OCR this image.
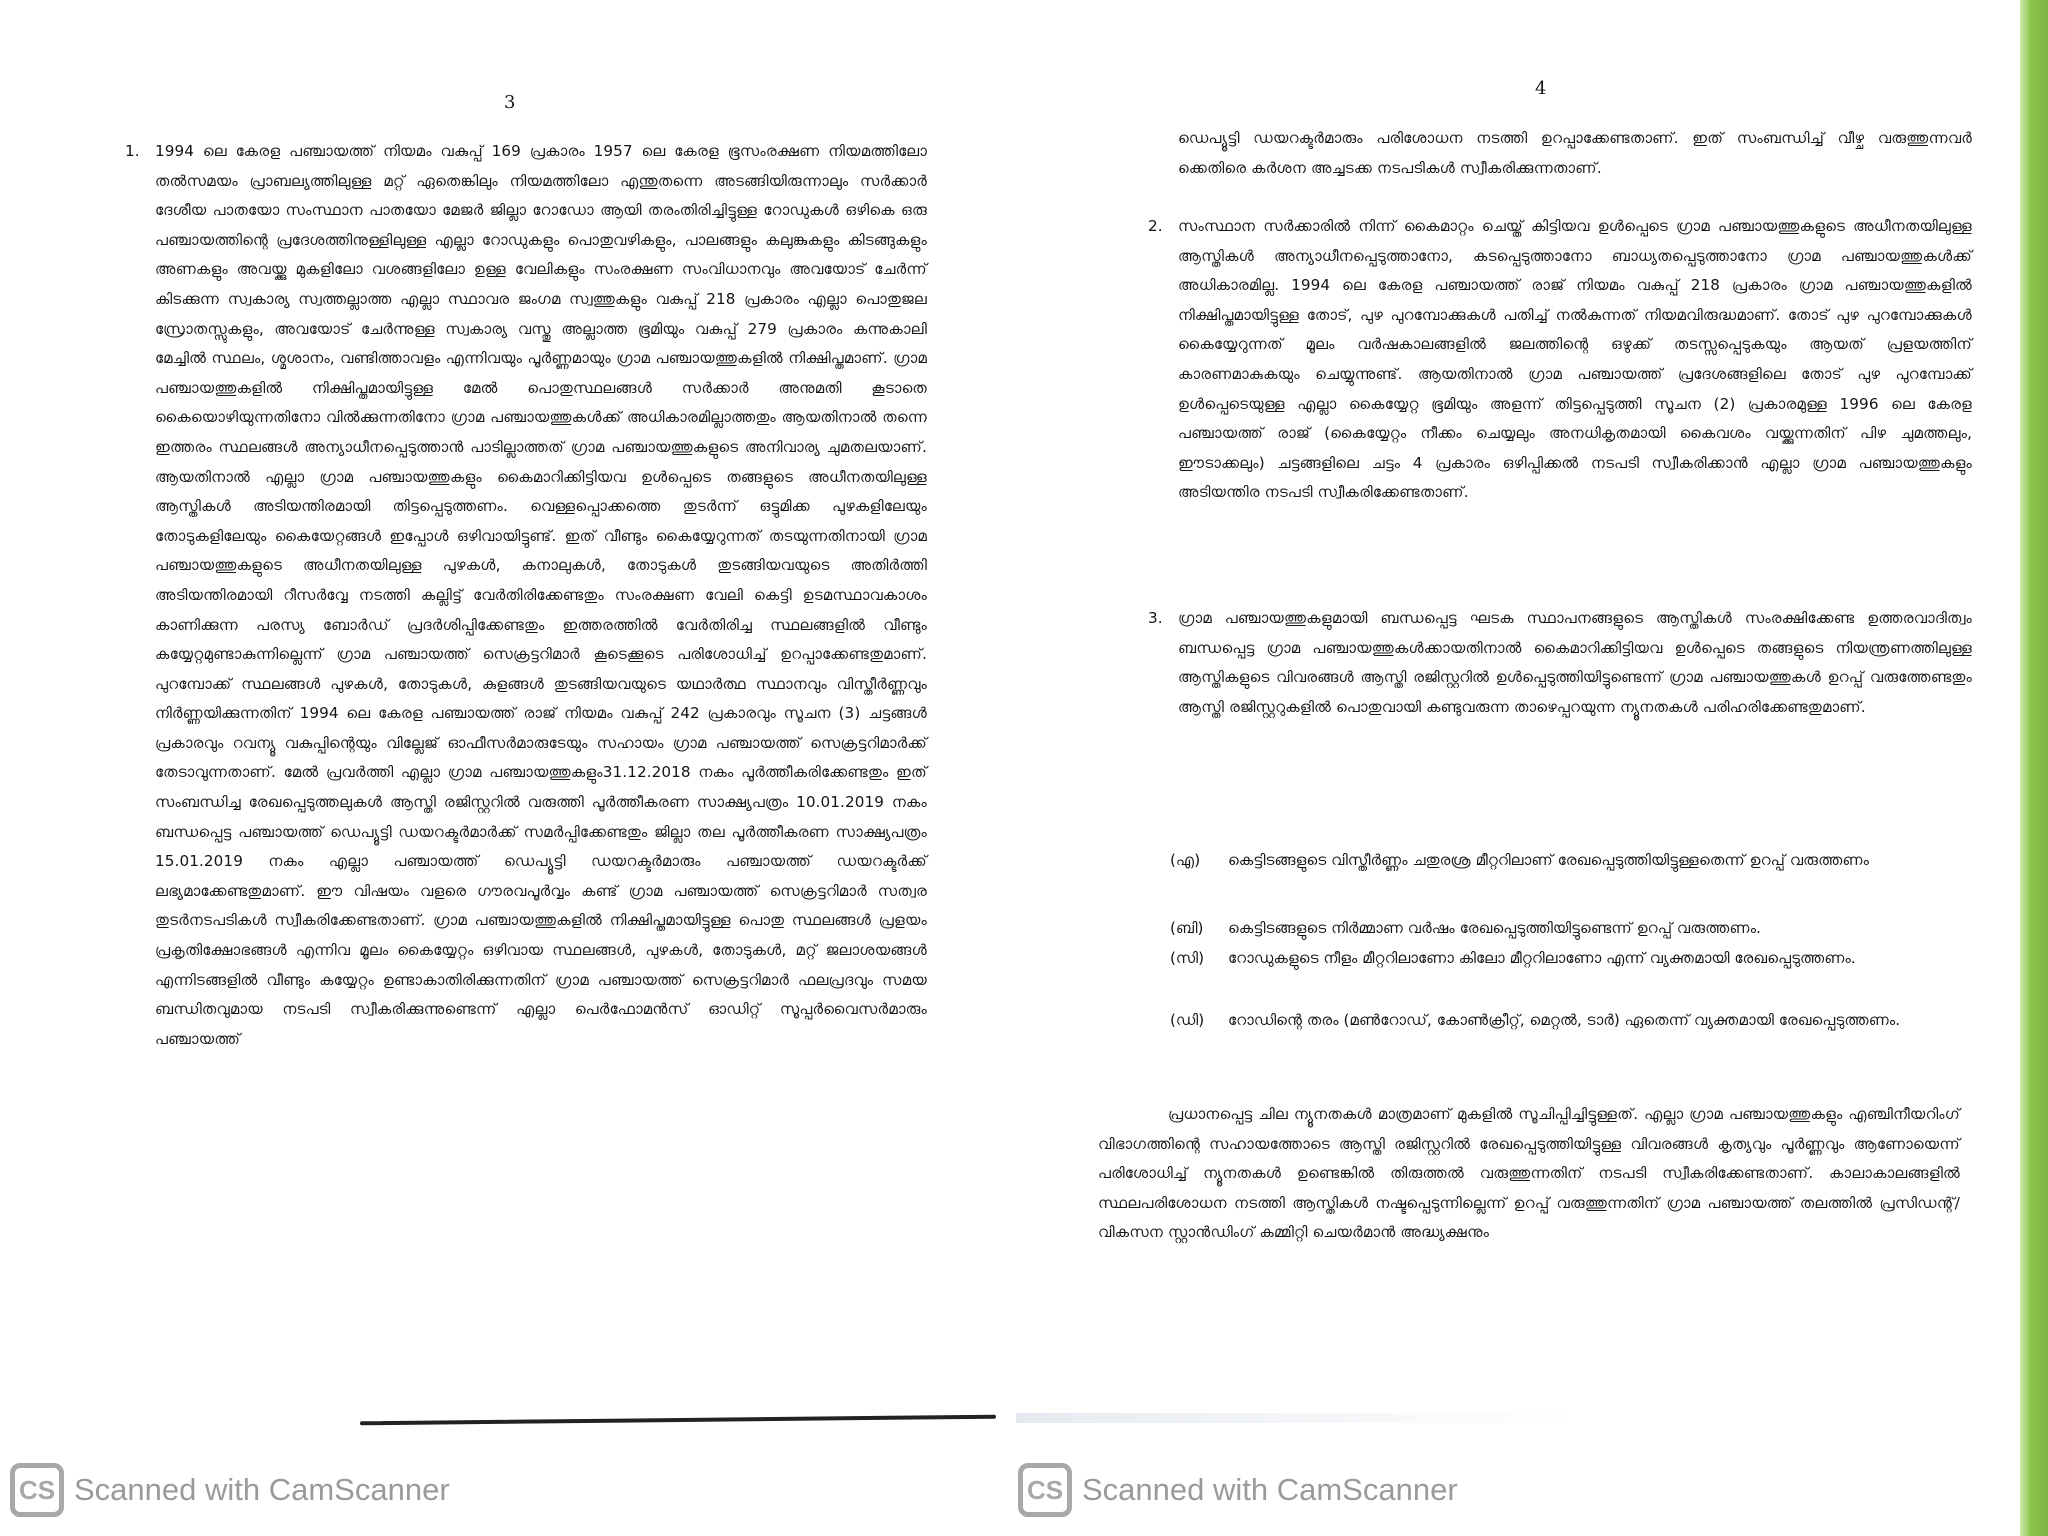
3
1. 1994 ലെ കേരള പഞ്ചായത്ത് നിയമം വകുപ്പ് 169 പ്രകാരം 1957 ലെ കേരള ഭൂസംരക്ഷണ നിയമത്തിലോ തൽസമയം പ്രാബല്യത്തിലുള്ള മറ്റ് ഏതെങ്കിലും നിയമത്തിലോ എന്തുതന്നെ അടങ്ങിയിരുന്നാലും സർക്കാർ ദേശീയ പാതയോ സംസ്ഥാന പാതയോ മേജർ ജില്ലാ റോഡോ ആയി തരംതിരിച്ചിട്ടുള്ള റോഡുകൾ ഒഴികെ ഒരു പഞ്ചായത്തിന്റെ പ്രദേശത്തിനുള്ളിലുള്ള എല്ലാ റോഡുകളും പൊതുവഴികളും, പാലങ്ങളും കലുങ്കുകളും കിടങ്ങുകളും അണകളും അവയ്ക്കു മുകളിലോ വശങ്ങളിലോ ഉള്ള വേലികളും സംരക്ഷണ സംവിധാനവും അവയോട് ചേർന്ന് കിടക്കുന്ന സ്വകാര്യ സ്വത്തല്ലാത്ത എല്ലാ സ്ഥാവര ജംഗമ സ്വത്തുകളും വകുപ്പ് 218 പ്രകാരം എല്ലാ പൊതുജല സ്രോതസ്സുകളും, അവയോട് ചേർന്നുള്ള സ്വകാര്യ വസ്തു അല്ലാത്ത ഭൂമിയും വകുപ്പ് 279 പ്രകാരം കന്നുകാലി മേച്ചിൽ സ്ഥലം, ശ്മശാനം, വണ്ടിത്താവളം എന്നിവയും പൂർണ്ണമായും ഗ്രാമ പഞ്ചായത്തുകളിൽ നിക്ഷിപ്തമാണ്. ഗ്രാമ പഞ്ചായത്തുകളിൽ നിക്ഷിപ്തമായിട്ടുള്ള മേൽ പൊതുസ്ഥലങ്ങൾ സർക്കാർ അനുമതി കൂടാതെ കൈയൊഴിയുന്നതിനോ വിൽക്കുന്നതിനോ ഗ്രാമ പഞ്ചായത്തുകൾക്ക് അധികാരമില്ലാത്തതും ആയതിനാൽ തന്നെ ഇത്തരം സ്ഥലങ്ങൾ അന്യാധീനപ്പെടുത്താൻ പാടില്ലാത്തത് ഗ്രാമ പഞ്ചായത്തുകളുടെ അനിവാര്യ ചുമതലയാണ്. ആയതിനാൽ എല്ലാ ഗ്രാമ പഞ്ചായത്തുകളും കൈമാറിക്കിട്ടിയവ ഉൾപ്പെടെ തങ്ങളുടെ അധീനതയിലുള്ള ആസ്തികൾ അടിയന്തിരമായി തിട്ടപ്പെടുത്തണം. വെള്ളപ്പൊക്കത്തെ തുടർന്ന് ഒട്ടുമിക്ക പുഴകളിലേയും തോടുകളിലേയും കൈയേറ്റങ്ങൾ ഇപ്പോൾ ഒഴിവായിട്ടുണ്ട്. ഇത് വീണ്ടും കൈയ്യേറുന്നത് തടയുന്നതിനായി ഗ്രാമ പഞ്ചായത്തുകളുടെ അധീനതയിലുള്ള പുഴകൾ, കനാലുകൾ, തോടുകൾ തുടങ്ങിയവയുടെ അതിർത്തി അടിയന്തിരമായി റീസർവ്വേ നടത്തി കല്ലിട്ട് വേർതിരിക്കേണ്ടതും സംരക്ഷണ വേലി കെട്ടി ഉടമസ്ഥാവകാശം കാണിക്കുന്ന പരസ്യ ബോർഡ് പ്രദർശിപ്പിക്കേണ്ടതും ഇത്തരത്തിൽ വേർതിരിച്ച സ്ഥലങ്ങളിൽ വീണ്ടും കയ്യേറ്റമുണ്ടാകുന്നില്ലെന്ന് ഗ്രാമ പഞ്ചായത്ത് സെക്രട്ടറിമാർ കൂടെക്കൂടെ പരിശോധിച്ച് ഉറപ്പാക്കേണ്ടതുമാണ്. പുറമ്പോക്ക് സ്ഥലങ്ങൾ പുഴകൾ, തോടുകൾ, കുളങ്ങൾ തുടങ്ങിയവയുടെ യഥാർത്ഥ സ്ഥാനവും വിസ്തീർണ്ണവും നിർണ്ണയിക്കുന്നതിന് 1994 ലെ കേരള പഞ്ചായത്ത് രാജ് നിയമം വകുപ്പ് 242 പ്രകാരവും സൂചന (3) ചട്ടങ്ങൾ പ്രകാരവും റവന്യൂ വകുപ്പിന്റെയും വില്ലേജ് ഓഫീസർമാരുടേയും സഹായം ഗ്രാമ പഞ്ചായത്ത് സെക്രട്ടറിമാർക്ക് തേടാവുന്നതാണ്. മേൽ പ്രവർത്തി എല്ലാ ഗ്രാമ പഞ്ചായത്തുകളും31.12.2018 നകം പൂർത്തീകരിക്കേണ്ടതും ഇത് സംബന്ധിച്ച രേഖപ്പെടുത്തലുകൾ ആസ്തി രജിസ്റ്ററിൽ വരുത്തി പൂർത്തീകരണ സാക്ഷ്യപത്രം 10.01.2019 നകം ബന്ധപ്പെട്ട പഞ്ചായത്ത് ഡെപ്യൂട്ടി ഡയറക്ടർമാർക്ക് സമർപ്പിക്കേണ്ടതും ജില്ലാ തല പൂർത്തീകരണ സാക്ഷ്യപത്രം 15.01.2019 നകം എല്ലാ പഞ്ചായത്ത് ഡെപ്യൂട്ടി ഡയറക്ടർമാരും പഞ്ചായത്ത് ഡയറക്ടർക്ക് ലഭ്യമാക്കേണ്ടതുമാണ്. ഈ വിഷയം വളരെ ഗൗരവപൂർവ്വം കണ്ട് ഗ്രാമ പഞ്ചായത്ത് സെക്രട്ടറിമാർ സത്വര തുടർനടപടികൾ സ്വീകരിക്കേണ്ടതാണ്. ഗ്രാമ പഞ്ചായത്തുകളിൽ നിക്ഷിപ്തമായിട്ടുള്ള പൊതു സ്ഥലങ്ങൾ പ്രളയം പ്രകൃതിക്ഷോഭങ്ങൾ എന്നിവ മൂലം കൈയ്യേറ്റം ഒഴിവായ സ്ഥലങ്ങൾ, പുഴകൾ, തോടുകൾ, മറ്റ് ജലാശയങ്ങൾ എന്നിടങ്ങളിൽ വീണ്ടും കയ്യേറ്റം ഉണ്ടാകാതിരിക്കുന്നതിന് ഗ്രാമ പഞ്ചായത്ത് സെക്രട്ടറിമാർ ഫലപ്രദവും സമയ ബന്ധിതവുമായ നടപടി സ്വീകരിക്കുന്നുണ്ടെന്ന് എല്ലാ പെർഫോമൻസ് ഓഡിറ്റ് സൂപ്പർവൈസർമാരും പഞ്ചായത്ത്
CS Scanned with CamScanner
4
ഡെപ്യൂട്ടി ഡയറക്ടർമാരും പരിശോധന നടത്തി ഉറപ്പാക്കേണ്ടതാണ്. ഇത് സംബന്ധിച്ച് വീഴ്ച വരുത്തുന്നവർ ക്കെതിരെ കർശന അച്ചടക്ക നടപടികൾ സ്വീകരിക്കുന്നതാണ്.
2. സംസ്ഥാന സർക്കാരിൽ നിന്ന് കൈമാറ്റം ചെയ്ത് കിട്ടിയവ ഉൾപ്പെടെ ഗ്രാമ പഞ്ചായത്തുകളുടെ അധീനതയിലുള്ള ആസ്തികൾ അന്യാധീനപ്പെടുത്താനോ, കടപ്പെടുത്താനോ ബാധ്യതപ്പെടുത്താനോ ഗ്രാമ പഞ്ചായത്തുകൾക്ക് അധികാരമില്ല. 1994 ലെ കേരള പഞ്ചായത്ത് രാജ് നിയമം വകുപ്പ് 218 പ്രകാരം ഗ്രാമ പഞ്ചായത്തുകളിൽ നിക്ഷിപ്തമായിട്ടുള്ള തോട്, പുഴ പുറമ്പോക്കുകൾ പതിച്ച് നൽകുന്നത് നിയമവിരുദ്ധമാണ്. തോട് പുഴ പുറമ്പോക്കുകൾ കൈയ്യേറുന്നത് മൂലം വർഷകാലങ്ങളിൽ ജലത്തിന്റെ ഒഴുക്ക് തടസ്സപ്പെടുകയും ആയത് പ്രളയത്തിന് കാരണമാകുകയും ചെയ്യുന്നുണ്ട്. ആയതിനാൽ ഗ്രാമ പഞ്ചായത്ത് പ്രദേശങ്ങളിലെ തോട് പുഴ പുറമ്പോക്ക് ഉൾപ്പെടെയുള്ള എല്ലാ കൈയ്യേറ്റ ഭൂമിയും അളന്ന് തിട്ടപ്പെടുത്തി സൂചന (2) പ്രകാരമുള്ള 1996 ലെ കേരള പഞ്ചായത്ത് രാജ് (കൈയ്യേറ്റം നീക്കം ചെയ്യലും അനധികൃതമായി കൈവശം വയ്ക്കുന്നതിന് പിഴ ചുമത്തലും, ഈടാക്കലും) ചട്ടങ്ങളിലെ ചട്ടം 4 പ്രകാരം ഒഴിപ്പിക്കൽ നടപടി സ്വീകരിക്കാൻ എല്ലാ ഗ്രാമ പഞ്ചായത്തുകളും അടിയന്തിര നടപടി സ്വീകരിക്കേണ്ടതാണ്.
3. ഗ്രാമ പഞ്ചായത്തുകളുമായി ബന്ധപ്പെട്ട ഘടക സ്ഥാപനങ്ങളുടെ ആസ്തികൾ സംരക്ഷിക്കേണ്ട ഉത്തരവാദിത്വം ബന്ധപ്പെട്ട ഗ്രാമ പഞ്ചായത്തുകൾക്കായതിനാൽ കൈമാറിക്കിട്ടിയവ ഉൾപ്പെടെ തങ്ങളുടെ നിയന്ത്രണത്തിലുള്ള ആസ്തികളുടെ വിവരങ്ങൾ ആസ്തി രജിസ്റ്ററിൽ ഉൾപ്പെടുത്തിയിട്ടുണ്ടെന്ന് ഗ്രാമ പഞ്ചായത്തുകൾ ഉറപ്പ് വരുത്തേണ്ടതും ആസ്തി രജിസ്റ്ററുകളിൽ പൊതുവായി കണ്ടുവരുന്ന താഴെപ്പറയുന്ന ന്യൂനതകൾ പരിഹരിക്കേണ്ടതുമാണ്.
(എ) കെട്ടിടങ്ങളുടെ വിസ്തീർണ്ണം ചതുരശ്ര മീറ്ററിലാണ് രേഖപ്പെടുത്തിയിട്ടുള്ളതെന്ന് ഉറപ്പ് വരുത്തണം
(ബി) കെട്ടിടങ്ങളുടെ നിർമ്മാണ വർഷം രേഖപ്പെടുത്തിയിട്ടുണ്ടെന്ന് ഉറപ്പ് വരുത്തണം.
(സി) റോഡുകളുടെ നീളം മീറ്ററിലാണോ കിലോ മീറ്ററിലാണോ എന്ന് വ്യക്തമായി രേഖപ്പെടുത്തണം.
(ഡി) റോഡിന്റെ തരം (മൺറോഡ്, കോൺക്രീറ്റ്, മെറ്റൽ, ടാർ) ഏതെന്ന് വ്യക്തമായി രേഖപ്പെടുത്തണം.
പ്രധാനപ്പെട്ട ചില ന്യൂനതകൾ മാത്രമാണ് മുകളിൽ സൂചിപ്പിച്ചിട്ടുള്ളത്. എല്ലാ ഗ്രാമ പഞ്ചായത്തുകളും എഞ്ചിനീയറിംഗ് വിഭാഗത്തിന്റെ സഹായത്തോടെ ആസ്തി രജിസ്റ്ററിൽ രേഖപ്പെടുത്തിയിട്ടുള്ള വിവരങ്ങൾ കൃത്യവും പൂർണ്ണവും ആണോയെന്ന് പരിശോധിച്ച് ന്യൂനതകൾ ഉണ്ടെങ്കിൽ തിരുത്തൽ വരുത്തുന്നതിന് നടപടി സ്വീകരിക്കേണ്ടതാണ്. കാലാകാലങ്ങളിൽ സ്ഥലപരിശോധന നടത്തി ആസ്തികൾ നഷ്ടപ്പെടുന്നില്ലെന്ന് ഉറപ്പ് വരുത്തുന്നതിന് ഗ്രാമ പഞ്ചായത്ത് തലത്തിൽ പ്രസിഡന്റ്/വികസന സ്റ്റാൻഡിംഗ് കമ്മിറ്റി ചെയർമാൻ അദ്ധ്യക്ഷനും
CS Scanned with CamScanner
